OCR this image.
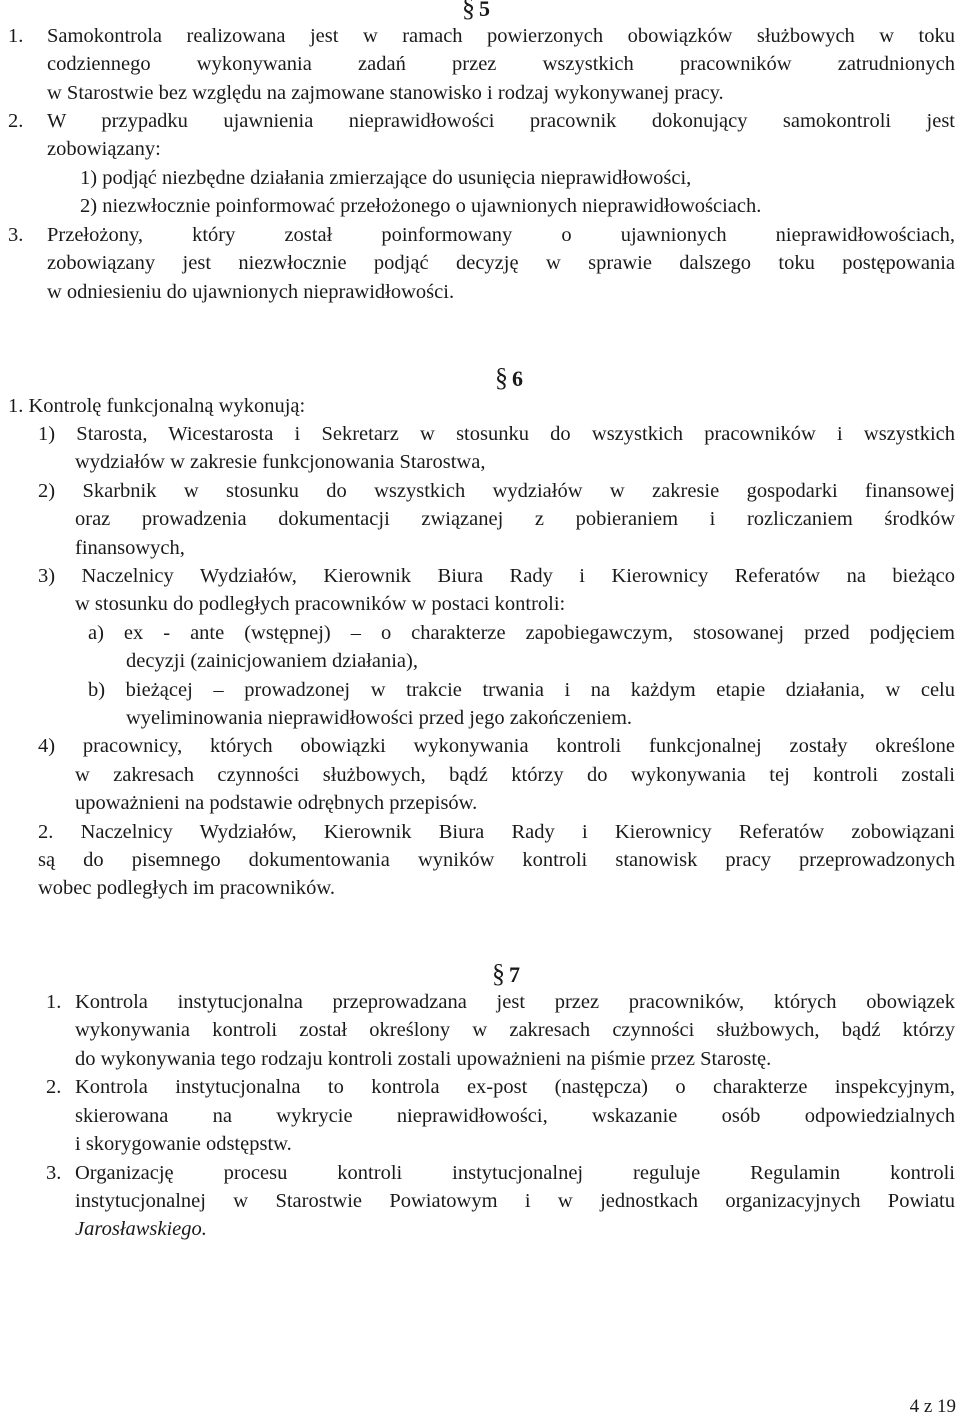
§ 5
1. Samokontrola realizowana jest w ramach powierzonych obowiązków służbowych w toku
codziennego wykonywania zadań przez wszystkich pracowników zatrudnionych
w Starostwie bez względu na zajmowane stanowisko i rodzaj wykonywanej pracy.
2. W przypadku ujawnienia nieprawidłowości pracownik dokonujący samokontroli jest
zobowiązany:
1) podjąć niezbędne działania zmierzające do usunięcia nieprawidłowości,
2) niezwłocznie poinformować przełożonego o ujawnionych nieprawidłowościach.
3. Przełożony, który został poinformowany o ujawnionych nieprawidłowościach,
zobowiązany jest niezwłocznie podjąć decyzję w sprawie dalszego toku postępowania
w odniesieniu do ujawnionych nieprawidłowości.
§ 6
1. Kontrolę funkcjonalną wykonują:
1) Starosta, Wicestarosta i Sekretarz w stosunku do wszystkich pracowników i wszystkich
wydziałów w zakresie funkcjonowania Starostwa,
2) Skarbnik w stosunku do wszystkich wydziałów w zakresie gospodarki finansowej
oraz prowadzenia dokumentacji związanej z pobieraniem i rozliczaniem środków
finansowych,
3) Naczelnicy Wydziałów, Kierownik Biura Rady i Kierownicy Referatów na bieżąco
w stosunku do podległych pracowników w postaci kontroli:
a) ex - ante (wstępnej) – o charakterze zapobiegawczym, stosowanej przed podjęciem
decyzji (zainicjowaniem działania),
b) bieżącej – prowadzonej w trakcie trwania i na każdym etapie działania, w celu
wyeliminowania nieprawidłowości przed jego zakończeniem.
4) pracownicy, których obowiązki wykonywania kontroli funkcjonalnej zostały określone
w zakresach czynności służbowych, bądź którzy do wykonywania tej kontroli zostali
upoważnieni na podstawie odrębnych przepisów.
2. Naczelnicy Wydziałów, Kierownik Biura Rady i Kierownicy Referatów zobowiązani
są do pisemnego dokumentowania wyników kontroli stanowisk pracy przeprowadzonych
wobec podległych im pracowników.
§ 7
1. Kontrola instytucjonalna przeprowadzana jest przez pracowników, których obowiązek
wykonywania kontroli został określony w zakresach czynności służbowych, bądź którzy
do wykonywania tego rodzaju kontroli zostali upoważnieni na piśmie przez Starostę.
2. Kontrola instytucjonalna to kontrola ex-post (następcza) o charakterze inspekcyjnym,
skierowana na wykrycie nieprawidłowości, wskazanie osób odpowiedzialnych
i skorygowanie odstępstw.
3. Organizację procesu kontroli instytucjonalnej reguluje Regulamin kontroli
instytucjonalnej w Starostwie Powiatowym i w jednostkach organizacyjnych Powiatu
Jarosławskiego.
4 z 19
